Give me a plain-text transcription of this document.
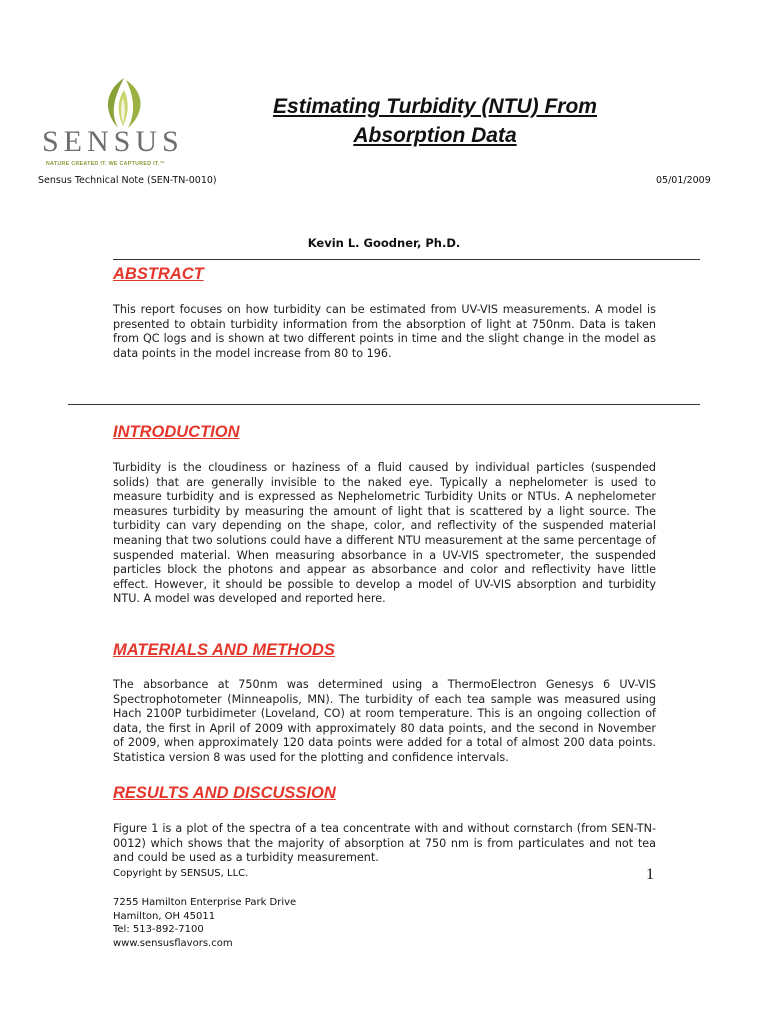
SENSUS
NATURE CREATED IT. WE CAPTURED IT.™
Estimating Turbidity (NTU) From
Absorption Data
Sensus Technical Note (SEN-TN-0010)	05/01/2009
Kevin L. Goodner, Ph.D.
ABSTRACT

This report focuses on how turbidity can be estimated from UV-VIS measurements. A model is presented to obtain turbidity information from the absorption of light at 750nm. Data is taken from QC logs and is shown at two different points in time and the slight change in the model as data points in the model increase from 80 to 196.

INTRODUCTION

Turbidity is the cloudiness or haziness of a fluid caused by individual particles (suspended solids) that are generally invisible to the naked eye. Typically a nephelometer is used to measure turbidity and is expressed as Nephelometric Turbidity Units or NTUs. A nephelometer measures turbidity by measuring the amount of light that is scattered by a light source. The turbidity can vary depending on the shape, color, and reflectivity of the suspended material meaning that two solutions could have a different NTU measurement at the same percentage of suspended material. When measuring absorbance in a UV-VIS spectrometer, the suspended particles block the photons and appear as absorbance and color and reflectivity have little effect. However, it should be possible to develop a model of UV-VIS absorption and turbidity NTU. A model was developed and reported here.

MATERIALS AND METHODS

The absorbance at 750nm was determined using a ThermoElectron Genesys 6 UV-VIS Spectrophotometer (Minneapolis, MN). The turbidity of each tea sample was measured using Hach 2100P turbidimeter (Loveland, CO) at room temperature. This is an ongoing collection of data, the first in April of 2009 with approximately 80 data points, and the second in November of 2009, when approximately 120 data points were added for a total of almost 200 data points. Statistica version 8 was used for the plotting and confidence intervals.

RESULTS AND DISCUSSION

Figure 1 is a plot of the spectra of a tea concentrate with and without cornstarch (from SEN-TN-0012) which shows that the majority of absorption at 750 nm is from particulates and not tea and could be used as a turbidity measurement.

Copyright by SENSUS, LLC.	1
7255 Hamilton Enterprise Park Drive
Hamilton, OH 45011
Tel: 513-892-7100
www.sensusflavors.com
